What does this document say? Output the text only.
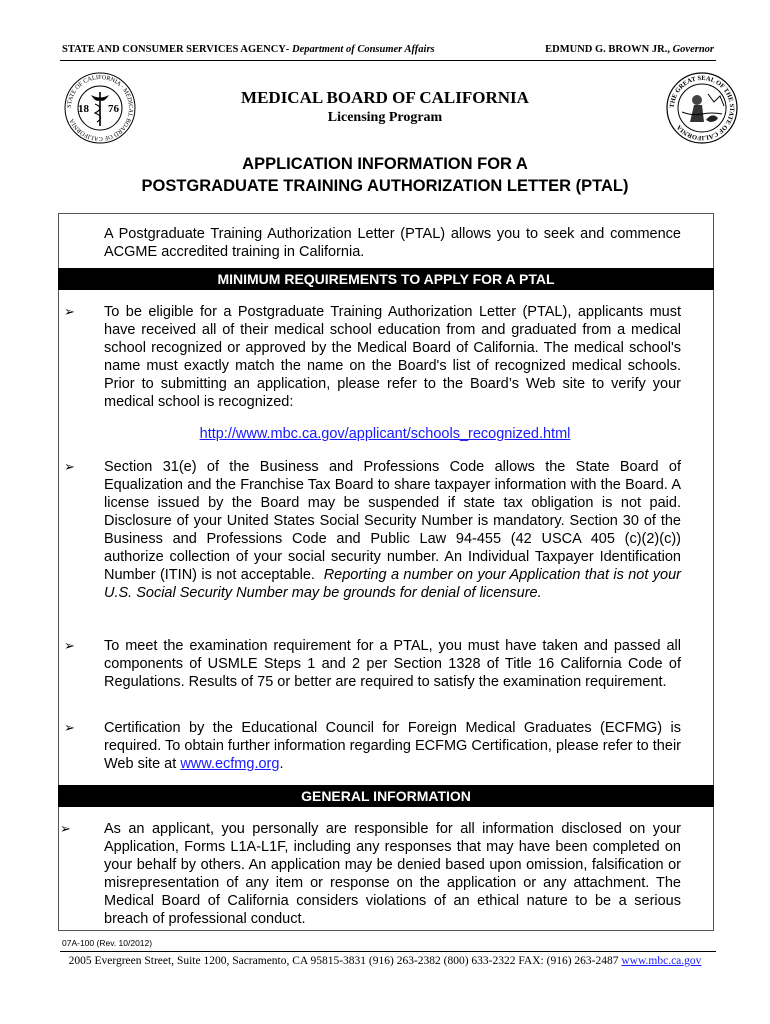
STATE AND CONSUMER SERVICES AGENCY- Department of Consumer Affairs	EDMUND G. BROWN JR., Governor
STATE OF CALIFORNIA · MEDICAL BOARD OF CALIFORNIA
18 76	THE GREAT SEAL OF THE STATE OF CALIFORNIA
MEDICAL BOARD OF CALIFORNIA
Licensing Program
APPLICATION INFORMATION FOR A
POSTGRADUATE TRAINING AUTHORIZATION LETTER (PTAL)
A Postgraduate Training Authorization Letter (PTAL) allows you to seek and commence ACGME accredited training in California.
MINIMUM REQUIREMENTS TO APPLY FOR A PTAL
➢ To be eligible for a Postgraduate Training Authorization Letter (PTAL), applicants must have received all of their medical school education from and graduated from a medical school recognized or approved by the Medical Board of California. The medical school's name must exactly match the name on the Board's list of recognized medical schools. Prior to submitting an application, please refer to the Board’s Web site to verify your medical school is recognized:
http://www.mbc.ca.gov/applicant/schools_recognized.html
➢ Section 31(e) of the Business and Professions Code allows the State Board of Equalization and the Franchise Tax Board to share taxpayer information with the Board. A license issued by the Board may be suspended if state tax obligation is not paid. Disclosure of your United States Social Security Number is mandatory. Section 30 of the Business and Professions Code and Public Law 94-455 (42 USCA 405 (c)(2)(c)) authorize collection of your social security number. An Individual Taxpayer Identification Number (ITIN) is not acceptable. Reporting a number on your Application that is not your U.S. Social Security Number may be grounds for denial of licensure.
➢ To meet the examination requirement for a PTAL, you must have taken and passed all components of USMLE Steps 1 and 2 per Section 1328 of Title 16 California Code of Regulations. Results of 75 or better are required to satisfy the examination requirement.
➢ Certification by the Educational Council for Foreign Medical Graduates (ECFMG) is required. To obtain further information regarding ECFMG Certification, please refer to their Web site at www.ecfmg.org.
GENERAL INFORMATION
➢ As an applicant, you personally are responsible for all information disclosed on your Application, Forms L1A-L1F, including any responses that may have been completed on your behalf by others. An application may be denied based upon omission, falsification or misrepresentation of any item or response on the application or any attachment. The Medical Board of California considers violations of an ethical nature to be a serious breach of professional conduct.
07A-100 (Rev. 10/2012)
2005 Evergreen Street, Suite 1200, Sacramento, CA 95815-3831 (916) 263-2382 (800) 633-2322 FAX: (916) 263-2487 www.mbc.ca.gov
